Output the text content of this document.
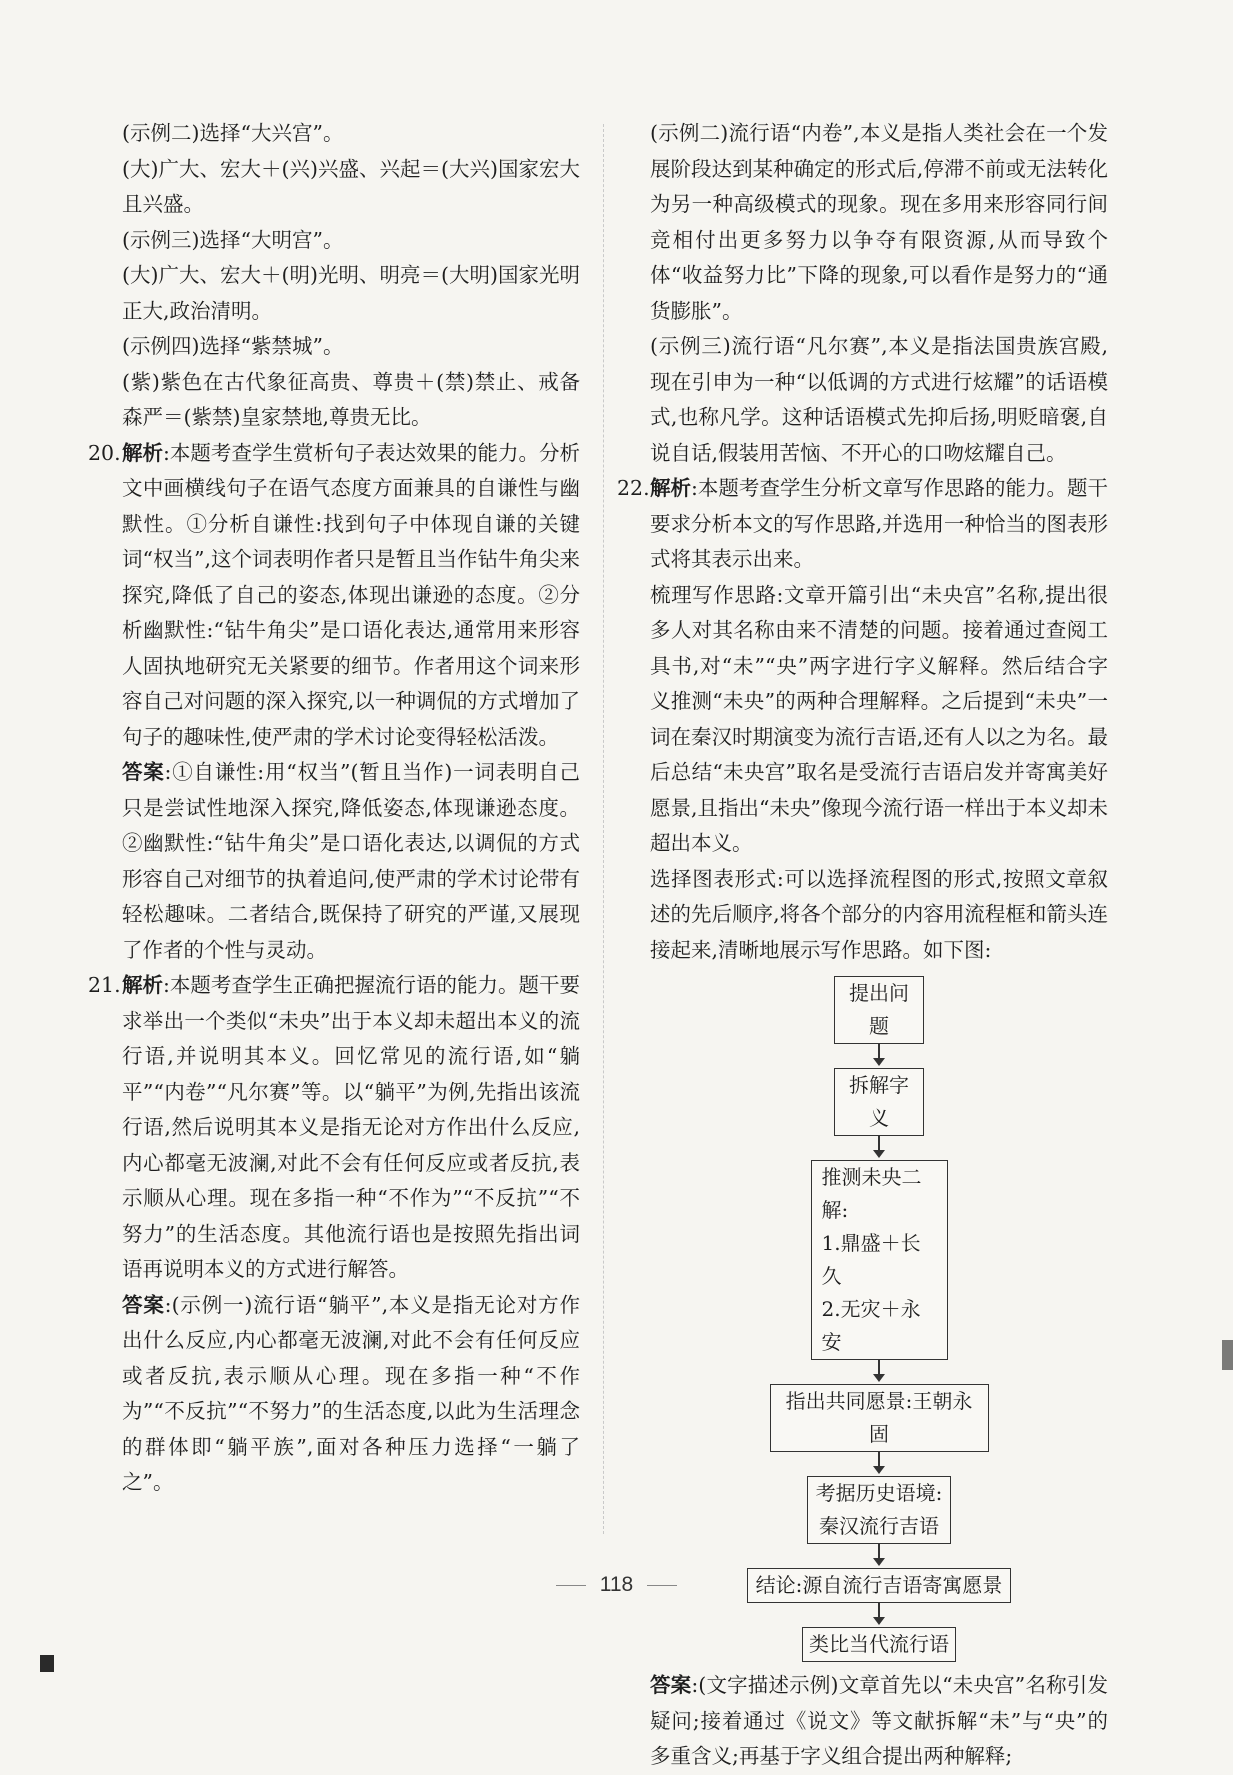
(示例二)选择“大兴宫”。

(大)广大、宏大＋(兴)兴盛、兴起＝(大兴)国家宏大且兴盛。

(示例三)选择“大明宫”。

(大)广大、宏大＋(明)光明、明亮＝(大明)国家光明正大,政治清明。

(示例四)选择“紫禁城”。

(紫)紫色在古代象征高贵、尊贵＋(禁)禁止、戒备森严＝(紫禁)皇家禁地,尊贵无比。

20. 解析:本题考查学生赏析句子表达效果的能力。分析文中画横线句子在语气态度方面兼具的自谦性与幽默性。①分析自谦性:找到句子中体现自谦的关键词“权当”,这个词表明作者只是暂且当作钻牛角尖来探究,降低了自己的姿态,体现出谦逊的态度。②分析幽默性:“钻牛角尖”是口语化表达,通常用来形容人固执地研究无关紧要的细节。作者用这个词来形容自己对问题的深入探究,以一种调侃的方式增加了句子的趣味性,使严肃的学术讨论变得轻松活泼。

答案:①自谦性:用“权当”(暂且当作)一词表明自己只是尝试性地深入探究,降低姿态,体现谦逊态度。②幽默性:“钻牛角尖”是口语化表达,以调侃的方式形容自己对细节的执着追问,使严肃的学术讨论带有轻松趣味。二者结合,既保持了研究的严谨,又展现了作者的个性与灵动。

21. 解析:本题考查学生正确把握流行语的能力。题干要求举出一个类似“未央”出于本义却未超出本义的流行语,并说明其本义。回忆常见的流行语,如“躺平”“内卷”“凡尔赛”等。以“躺平”为例,先指出该流行语,然后说明其本义是指无论对方作出什么反应,内心都毫无波澜,对此不会有任何反应或者反抗,表示顺从心理。现在多指一种“不作为”“不反抗”“不努力”的生活态度。其他流行语也是按照先指出词语再说明本义的方式进行解答。

答案:(示例一)流行语“躺平”,本义是指无论对方作出什么反应,内心都毫无波澜,对此不会有任何反应或者反抗,表示顺从心理。现在多指一种“不作为”“不反抗”“不努力”的生活态度,以此为生活理念的群体即“躺平族”,面对各种压力选择“一躺了之”。

(示例二)流行语“内卷”,本义是指人类社会在一个发展阶段达到某种确定的形式后,停滞不前或无法转化为另一种高级模式的现象。现在多用来形容同行间竞相付出更多努力以争夺有限资源,从而导致个体“收益努力比”下降的现象,可以看作是努力的“通货膨胀”。

(示例三)流行语“凡尔赛”,本义是指法国贵族宫殿,现在引申为一种“以低调的方式进行炫耀”的话语模式,也称凡学。这种话语模式先抑后扬,明贬暗褒,自说自话,假装用苦恼、不开心的口吻炫耀自己。

22. 解析:本题考查学生分析文章写作思路的能力。题干要求分析本文的写作思路,并选用一种恰当的图表形式将其表示出来。

梳理写作思路:文章开篇引出“未央宫”名称,提出很多人对其名称由来不清楚的问题。接着通过查阅工具书,对“未”“央”两字进行字义解释。然后结合字义推测“未央”的两种合理解释。之后提到“未央”一词在秦汉时期演变为流行吉语,还有人以之为名。最后总结“未央宫”取名是受流行吉语启发并寄寓美好愿景,且指出“未央”像现今流行语一样出于本义却未超出本义。

选择图表形式:可以选择流程图的形式,按照文章叙述的先后顺序,将各个部分的内容用流程框和箭头连接起来,清晰地展示写作思路。如下图:

提出问题
拆解字义
推测未央二解:
1.鼎盛＋长久
2.无灾＋永安
指出共同愿景:王朝永固
考据历史语境:
秦汉流行吉语
结论:源自流行吉语寄寓愿景
类比当代流行语

答案:(文字描述示例)文章首先以“未央宫”名称引发疑问;接着通过《说文》等文献拆解“未”与“央”的多重含义;再基于字义组合提出两种解释;

118
